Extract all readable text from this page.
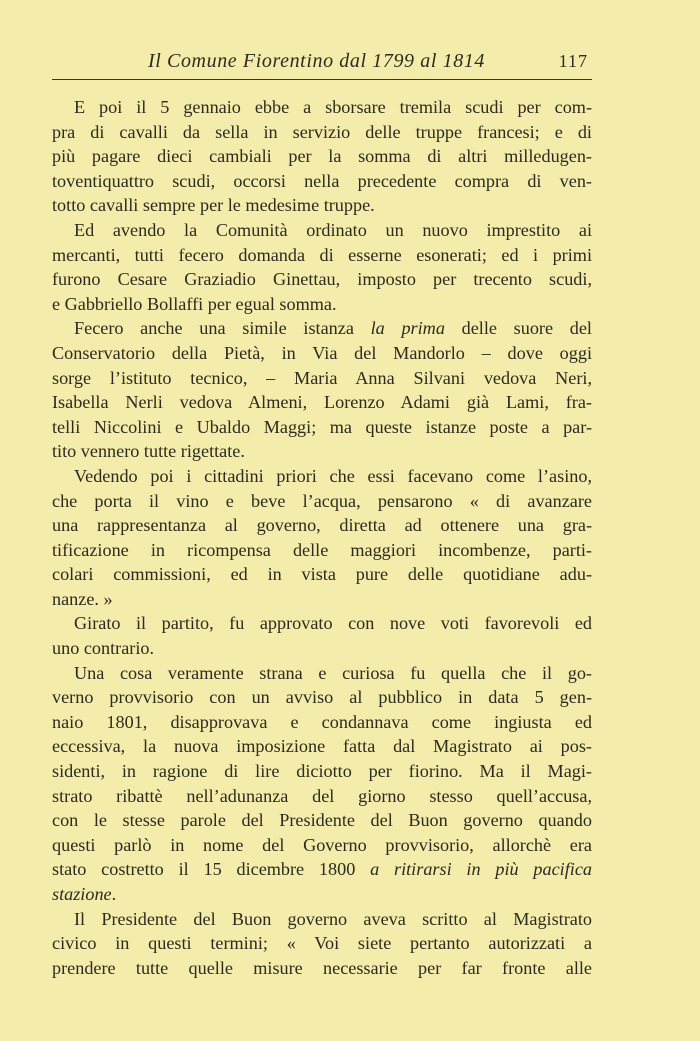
Il Comune Fiorentino dal 1799 al 1814	117
E poi il 5 gennaio ebbe a sborsare tremila scudi per com-
pra di cavalli da sella in servizio delle truppe francesi; e di
più pagare dieci cambiali per la somma di altri milledugen-
toventiquattro scudi, occorsi nella precedente compra di ven-
totto cavalli sempre per le medesime truppe.
Ed avendo la Comunità ordinato un nuovo imprestito ai
mercanti, tutti fecero domanda di esserne esonerati; ed i primi
furono Cesare Graziadio Ginettau, imposto per trecento scudi,
e Gabbriello Bollaffi per egual somma.
Fecero anche una simile istanza la prima delle suore del
Conservatorio della Pietà, in Via del Mandorlo – dove oggi
sorge l’istituto tecnico, – Maria Anna Silvani vedova Neri,
Isabella Nerli vedova Almeni, Lorenzo Adami già Lami, fra-
telli Niccolini e Ubaldo Maggi; ma queste istanze poste a par-
tito vennero tutte rigettate.
Vedendo poi i cittadini priori che essi facevano come l’asino,
che porta il vino e beve l’acqua, pensarono « di avanzare
una rappresentanza al governo, diretta ad ottenere una gra-
tificazione in ricompensa delle maggiori incombenze, parti-
colari commissioni, ed in vista pure delle quotidiane adu-
nanze. »
Girato il partito, fu approvato con nove voti favorevoli ed
uno contrario.
Una cosa veramente strana e curiosa fu quella che il go-
verno provvisorio con un avviso al pubblico in data 5 gen-
naio 1801, disapprovava e condannava come ingiusta ed
eccessiva, la nuova imposizione fatta dal Magistrato ai pos-
sidenti, in ragione di lire diciotto per fiorino. Ma il Magi-
strato ribattè nell’adunanza del giorno stesso quell’accusa,
con le stesse parole del Presidente del Buon governo quando
questi parlò in nome del Governo provvisorio, allorchè era
stato costretto il 15 dicembre 1800 a ritirarsi in più pacifica
stazione.
Il Presidente del Buon governo aveva scritto al Magistrato
civico in questi termini; « Voi siete pertanto autorizzati a
prendere tutte quelle misure necessarie per far fronte alle
